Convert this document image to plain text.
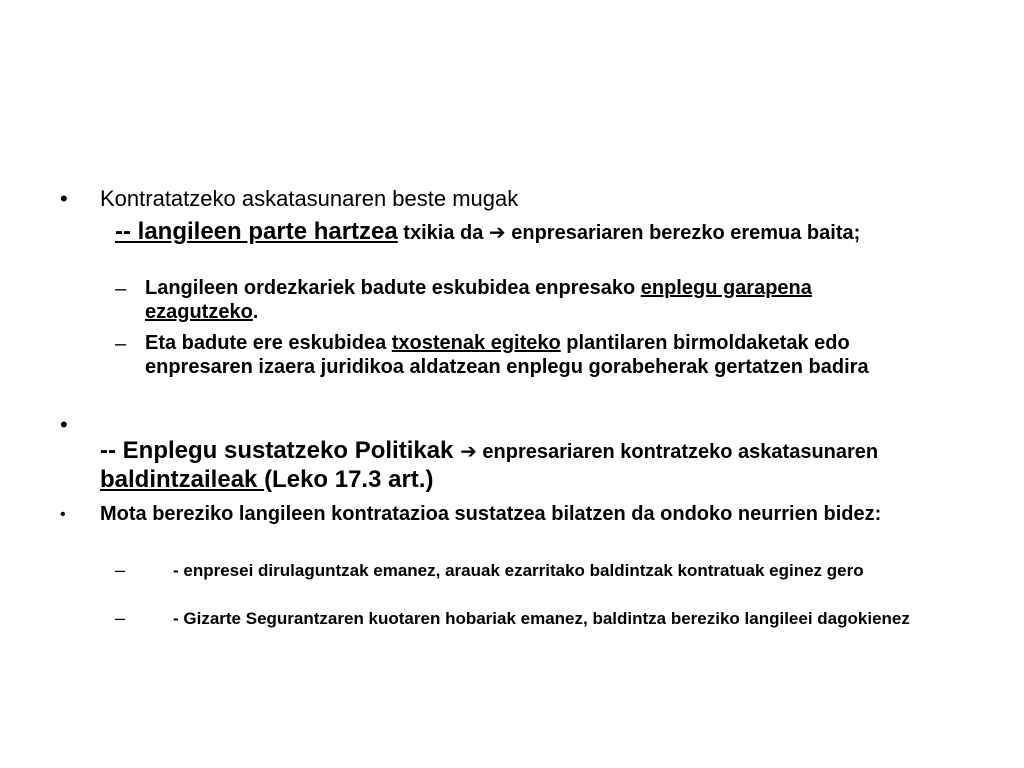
• Kontratatzeko askatasunaren beste mugak
-- langileen parte hartzea txikia da ➔ enpresariaren berezko eremua baita;
– Langileen ordezkariek badute eskubidea enpresako enplegu garapena ezagutzeko.
– Eta badute ere eskubidea txostenak egiteko plantilaren birmoldaketak edo enpresaren izaera juridikoa aldatzean enplegu gorabeherak gertatzen badira
•
-- Enplegu sustatzeko Politikak ➔ enpresariaren kontratzeko askatasunaren baldintzaileak (Leko 17.3 art.)
• Mota bereziko langileen kontratazioa sustatzea bilatzen da ondoko neurrien bidez:
–	- enpresei dirulaguntzak emanez, arauak ezarritako baldintzak kontratuak eginez gero
–	- Gizarte Segurantzaren kuotaren hobariak emanez, baldintza bereziko langileei dagokienez
